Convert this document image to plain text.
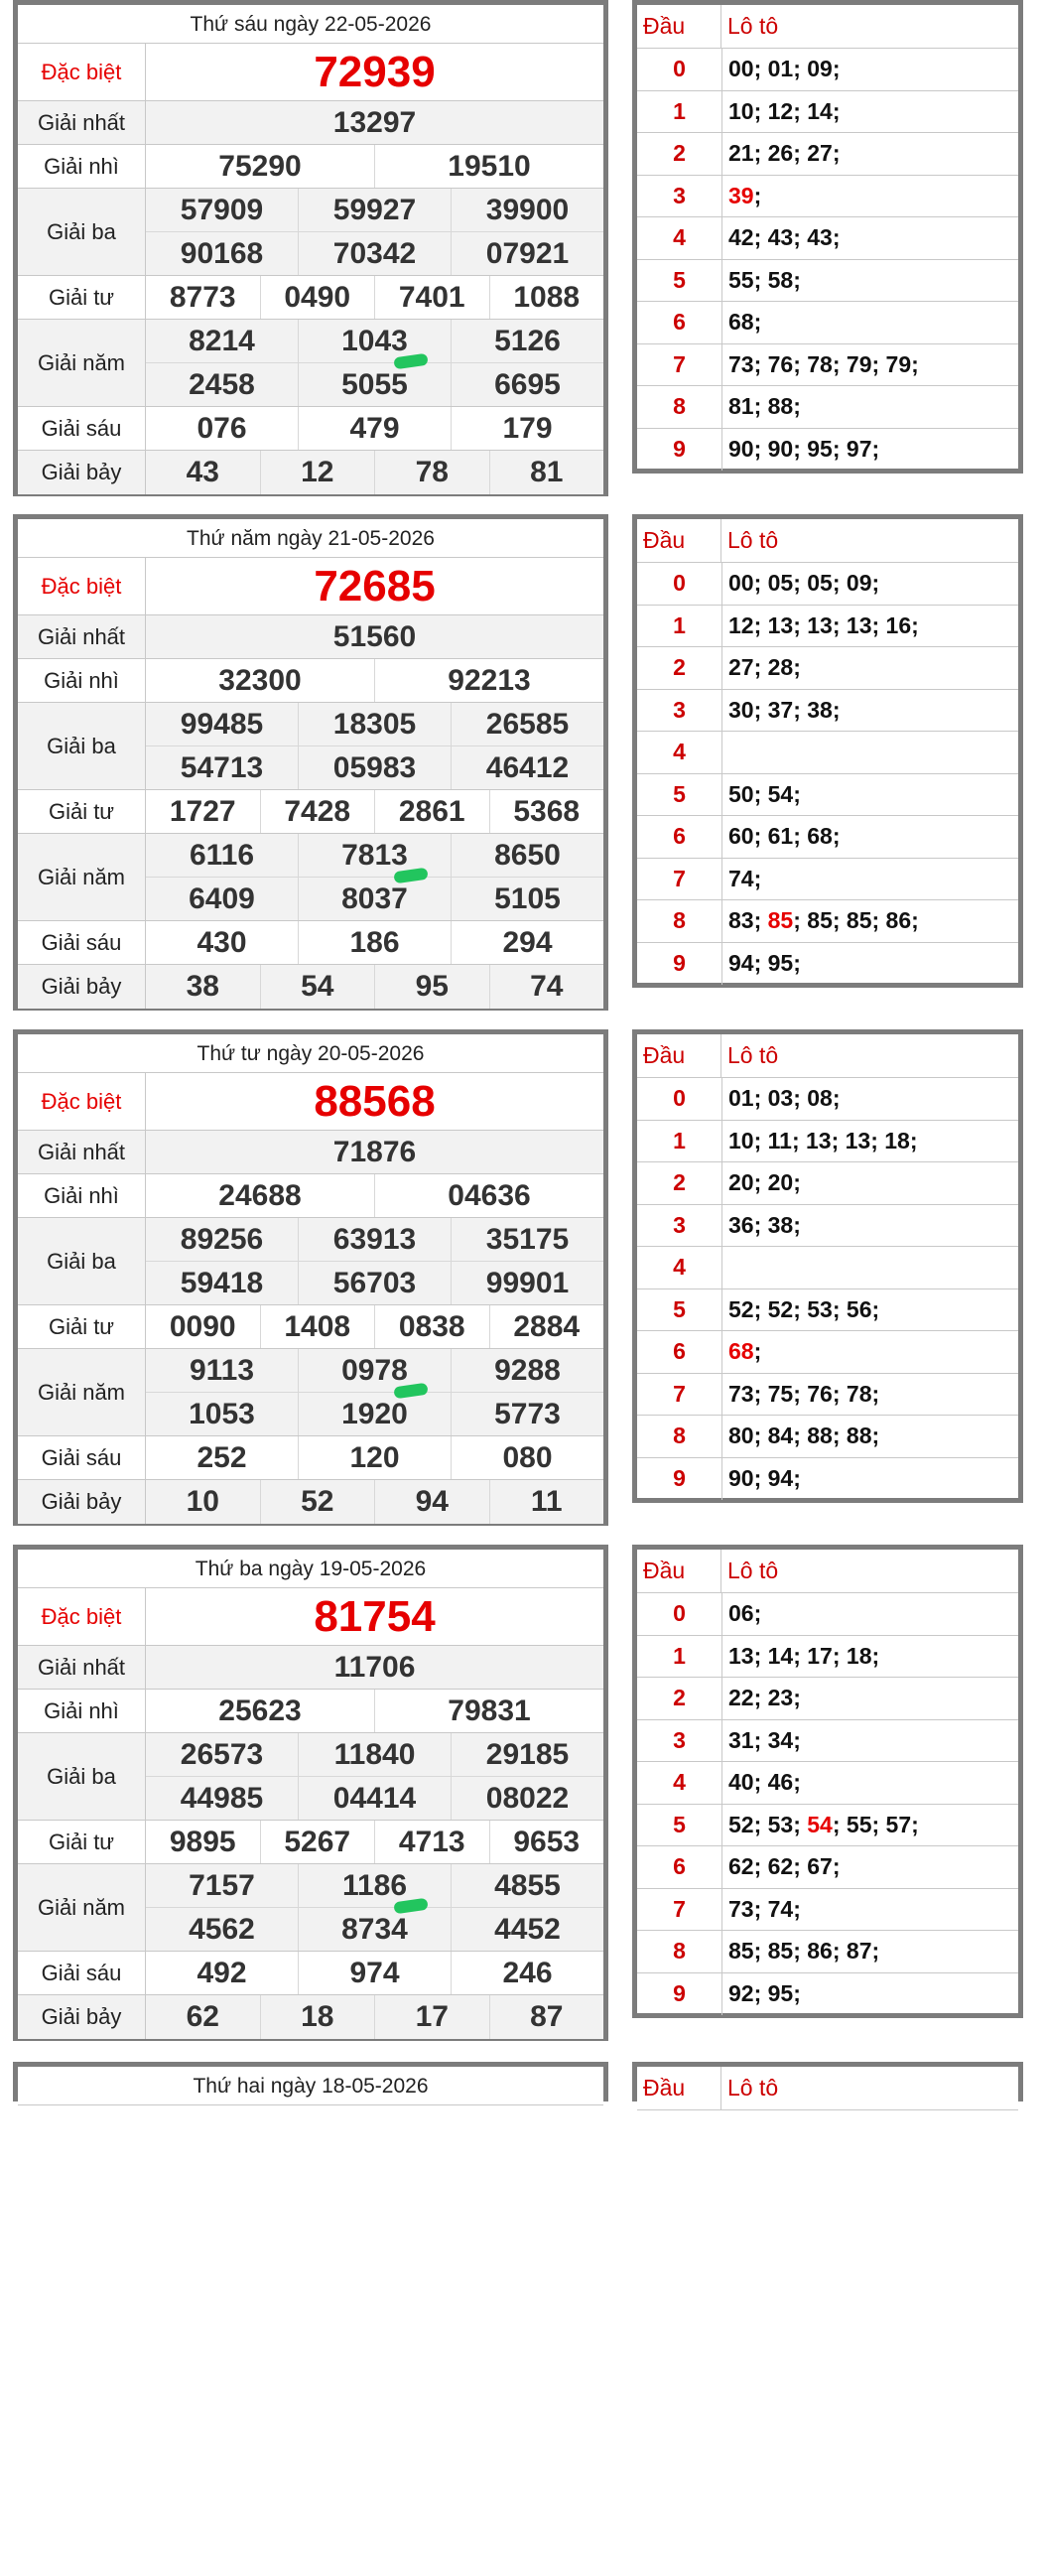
Thứ sáu ngày 22-05-2026
Đặc biệt	72939
Giải nhất	13297
Giải nhì	75290	19510
Giải ba
57909	59927	39900
90168	70342	07921
Giải tư	8773	0490	7401	1088
Giải năm
8214	1043	5126
2458	5055	6695
Giải sáu	076	479	179
Giải bảy	43	12	78	81
Đầu	Lô tô
0	00; 01; 09;
1	10; 12; 14;
2	21; 26; 27;
3	39 ;
4	42; 43; 43;
5	55; 58;
6	68;
7	73; 76; 78; 79; 79;
8	81; 88;
9	90; 90; 95; 97;
Thứ năm ngày 21-05-2026
Đặc biệt	72685
Giải nhất	51560
Giải nhì	32300	92213
Giải ba
99485	18305	26585
54713	05983	46412
Giải tư	1727	7428	2861	5368
Giải năm
6116	7813	8650
6409	8037	5105
Giải sáu	430	186	294
Giải bảy	38	54	95	74
Đầu	Lô tô
0	00; 05; 05; 09;
1	12; 13; 13; 13; 16;
2	27; 28;
3	30; 37; 38;
4
5	50; 54;
6	60; 61; 68;
7	74;
8	83; 85 ; 85; 85; 86;
9	94; 95;
Thứ tư ngày 20-05-2026
Đặc biệt	88568
Giải nhất	71876
Giải nhì	24688	04636
Giải ba
89256	63913	35175
59418	56703	99901
Giải tư	0090	1408	0838	2884
Giải năm
9113	0978	9288
1053	1920	5773
Giải sáu	252	120	080
Giải bảy	10	52	94	11
Đầu	Lô tô
0	01; 03; 08;
1	10; 11; 13; 13; 18;
2	20; 20;
3	36; 38;
4
5	52; 52; 53; 56;
6	68 ;
7	73; 75; 76; 78;
8	80; 84; 88; 88;
9	90; 94;
Thứ ba ngày 19-05-2026
Đặc biệt	81754
Giải nhất	11706
Giải nhì	25623	79831
Giải ba
26573	11840	29185
44985	04414	08022
Giải tư	9895	5267	4713	9653
Giải năm
7157	1186	4855
4562	8734	4452
Giải sáu	492	974	246
Giải bảy	62	18	17	87
Đầu	Lô tô
0	06;
1	13; 14; 17; 18;
2	22; 23;
3	31; 34;
4	40; 46;
5	52; 53; 54 ; 55; 57;
6	62; 62; 67;
7	73; 74;
8	85; 85; 86; 87;
9	92; 95;
Thứ hai ngày 18-05-2026	Đầu	Lô tô
